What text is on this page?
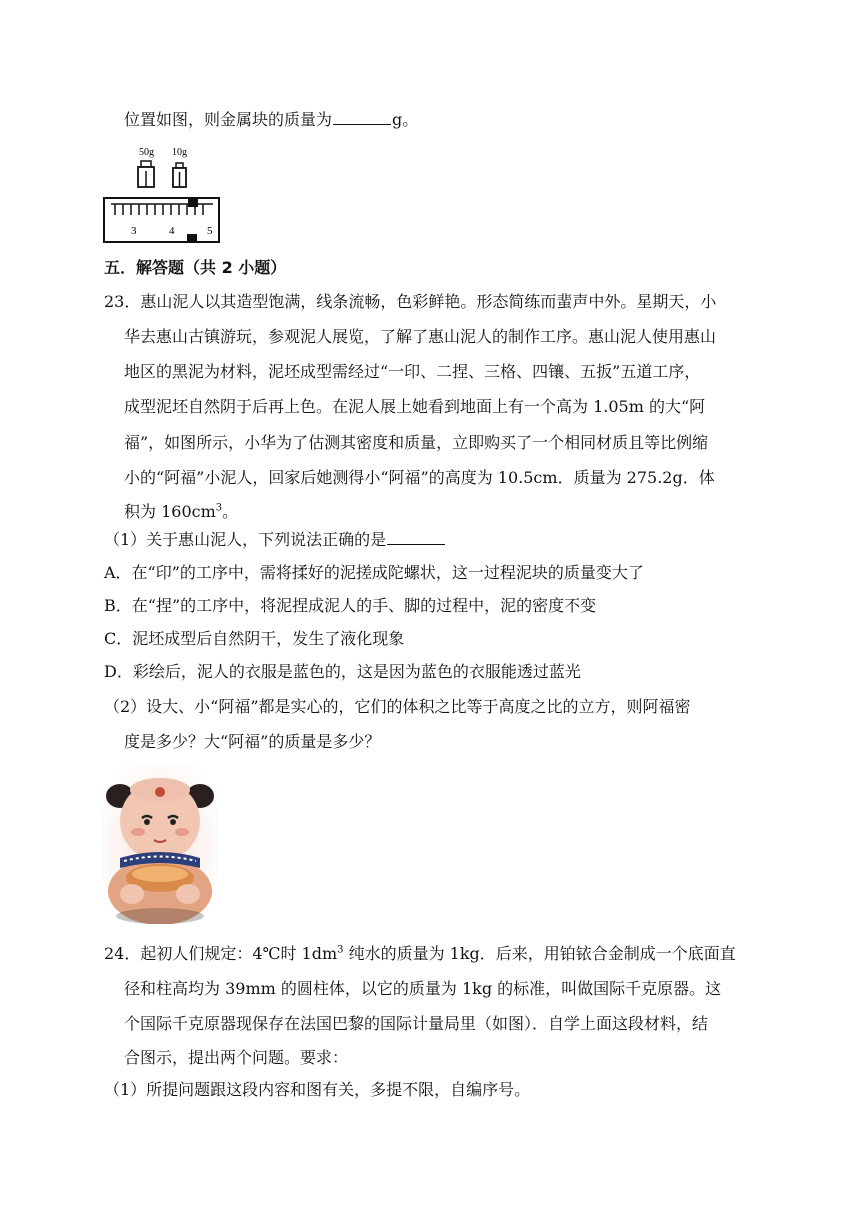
位置如图，则金属块的质量为	g。
50g 10g
3	4	5
五．解答题（共 2 小题）
23．惠山泥人以其造型饱满，线条流畅，色彩鲜艳。形态简练而蜚声中外。星期天，小
华去惠山古镇游玩，参观泥人展览，了解了惠山泥人的制作工序。惠山泥人使用惠山
地区的黑泥为材料，泥坯成型需经过“一印、二捏、三格、四镶、五扳”五道工序，
成型泥坯自然阴于后再上色。在泥人展上她看到地面上有一个高为 1.05m 的大“阿
福”，如图所示，小华为了估测其密度和质量，立即购买了一个相同材质且等比例缩
小的“阿福”小泥人，回家后她测得小“阿福”的高度为 10.5cm．质量为 275.2g．体
积为 $160cm^3$。
（1）关于惠山泥人，下列说法正确的是
A．在“印”的工序中，需将揉好的泥搓成陀螺状，这一过程泥块的质量变大了
B．在“捏”的工序中，将泥捏成泥人的手、脚的过程中，泥的密度不变
C．泥坯成型后自然阴干，发生了液化现象
D．彩绘后，泥人的衣服是蓝色的，这是因为蓝色的衣服能透过蓝光
（2）设大、小“阿福”都是实心的，它们的体积之比等于高度之比的立方，则阿福密
度是多少？大“阿福”的质量是多少？
24．起初人们规定：4℃时 $1dm^3$ 纯水的质量为 1kg．后来，用铂铱合金制成一个底面直
径和柱高均为 39mm 的圆柱体，以它的质量为 1kg 的标准，叫做国际千克原器。这
个国际千克原器现保存在法国巴黎的国际计量局里（如图）．自学上面这段材料，结
合图示，提出两个问题。要求：
（1）所提问题跟这段内容和图有关，多提不限，自编序号。
